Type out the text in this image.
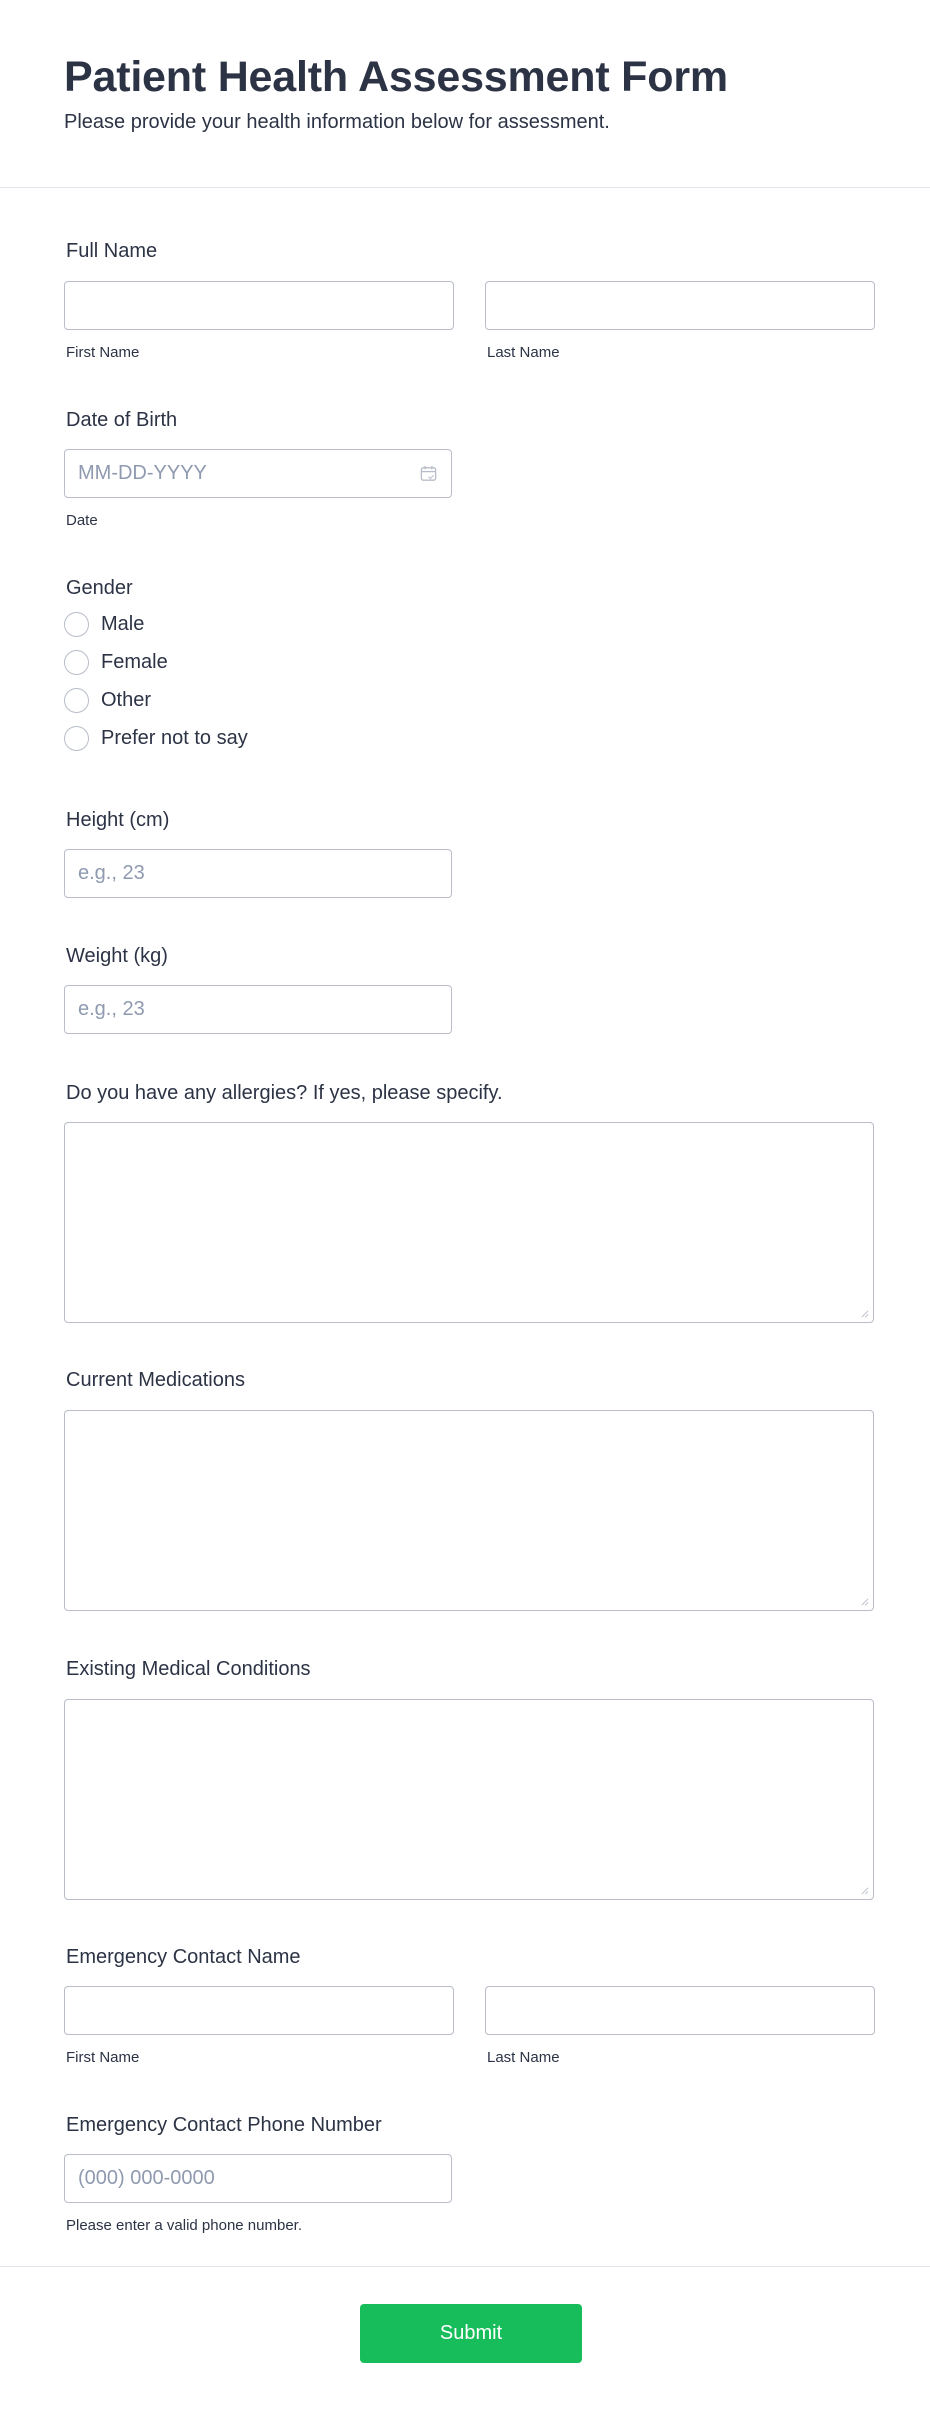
Patient Health Assessment Form

Please provide your health information below for assessment.

Full Name
First Name	Last Name
Date of Birth
MM-DD-YYYY
Date
Gender
Male
Female
Other
Prefer not to say
Height (cm)
e.g., 23
Weight (kg)
e.g., 23
Do you have any allergies? If yes, please specify.
Current Medications
Existing Medical Conditions
Emergency Contact Name
First Name	Last Name
Emergency Contact Phone Number
(000) 000-0000
Please enter a valid phone number.
Submit
